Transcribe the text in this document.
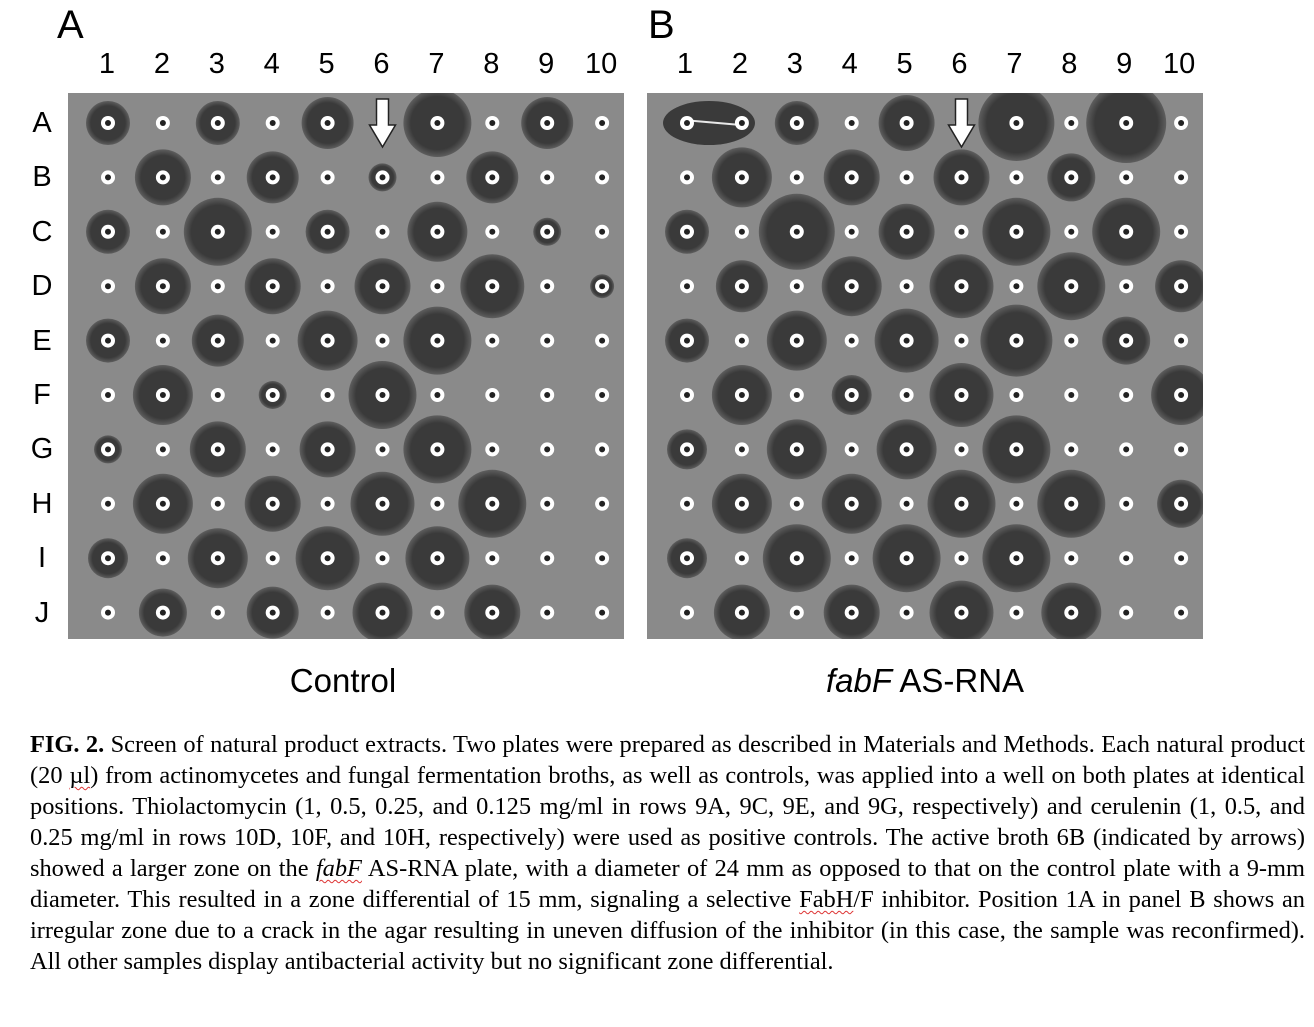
A	B
Control	fabF AS-RNA
FIG. 2. Screen of natural product extracts. Two plates were prepared as described in Materials and Methods. Each natural product (20 µl) from actinomycetes and fungal fermentation broths, as well as controls, was applied into a well on both plates at identical positions. Thiolactomycin (1, 0.5, 0.25, and 0.125 mg/ml in rows 9A, 9C, 9E, and 9G, respectively) and cerulenin (1, 0.5, and 0.25 mg/ml in rows 10D, 10F, and 10H, respectively) were used as positive controls. The active broth 6B (indicated by arrows) showed a larger zone on the fabF AS-RNA plate, with a diameter of 24 mm as opposed to that on the control plate with a 9-mm diameter. This resulted in a zone differential of 15 mm, signaling a selective FabH/F inhibitor. Position 1A in panel B shows an irregular zone due to a crack in the agar resulting in uneven diffusion of the inhibitor (in this case, the sample was reconfirmed). All other samples display antibacterial activity but no significant zone differential.
1	2	3	4	5	6	7	8	9	10	1	2	3	4	5	6	7	8	9	10
A
B
C
D
E
F
G
H
I
J
